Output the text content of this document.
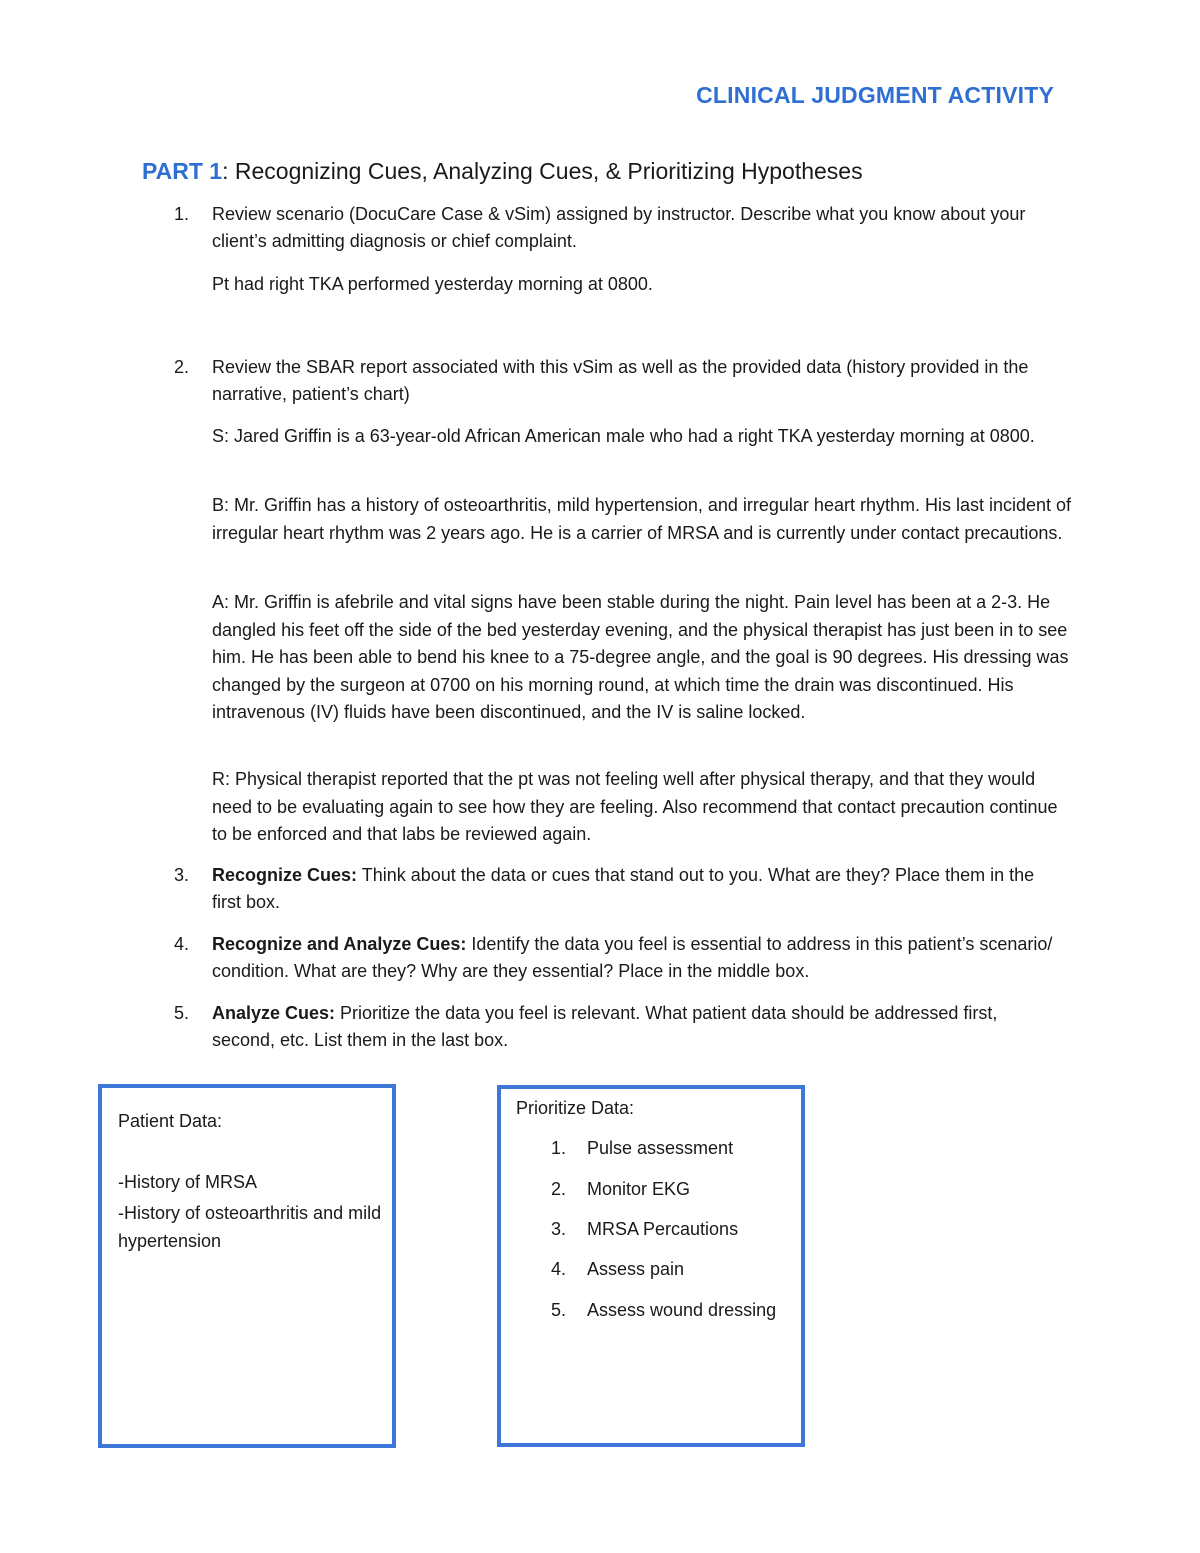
CLINICAL JUDGMENT ACTIVITY
PART 1: Recognizing Cues, Analyzing Cues, & Prioritizing Hypotheses
1.	Review scenario (DocuCare Case & vSim) assigned by instructor. Describe what you know about your client’s admitting diagnosis or chief complaint.
Pt had right TKA performed yesterday morning at 0800.
2.	Review the SBAR report associated with this vSim as well as the provided data (history provided in the narrative, patient’s chart)
S: Jared Griffin is a 63-year-old African American male who had a right TKA yesterday morning at 0800.
B: Mr. Griffin has a history of osteoarthritis, mild hypertension, and irregular heart rhythm. His last incident of irregular heart rhythm was 2 years ago. He is a carrier of MRSA and is currently under contact precautions.
A: Mr. Griffin is afebrile and vital signs have been stable during the night. Pain level has been at a 2-3. He dangled his feet off the side of the bed yesterday evening, and the physical therapist has just been in to see him. He has been able to bend his knee to a 75-degree angle, and the goal is 90 degrees. His dressing was changed by the surgeon at 0700 on his morning round, at which time the drain was discontinued. His intravenous (IV) fluids have been discontinued, and the IV is saline locked.
R: Physical therapist reported that the pt was not feeling well after physical therapy, and that they would need to be evaluating again to see how they are feeling. Also recommend that contact precaution continue to be enforced and that labs be reviewed again.
3.	Recognize Cues: Think about the data or cues that stand out to you. What are they? Place them in the first box.
4.	Recognize and Analyze Cues: Identify the data you feel is essential to address in this patient’s scenario/ condition. What are they? Why are they essential? Place in the middle box.
5.	Analyze Cues: Prioritize the data you feel is relevant. What patient data should be addressed first, second, etc. List them in the last box.
Patient Data:
-History of MRSA
-History of osteoarthritis and mild hypertension
Prioritize Data:
1. Pulse assessment
2. Monitor EKG
3. MRSA Percautions
4. Assess pain
5. Assess wound dressing
